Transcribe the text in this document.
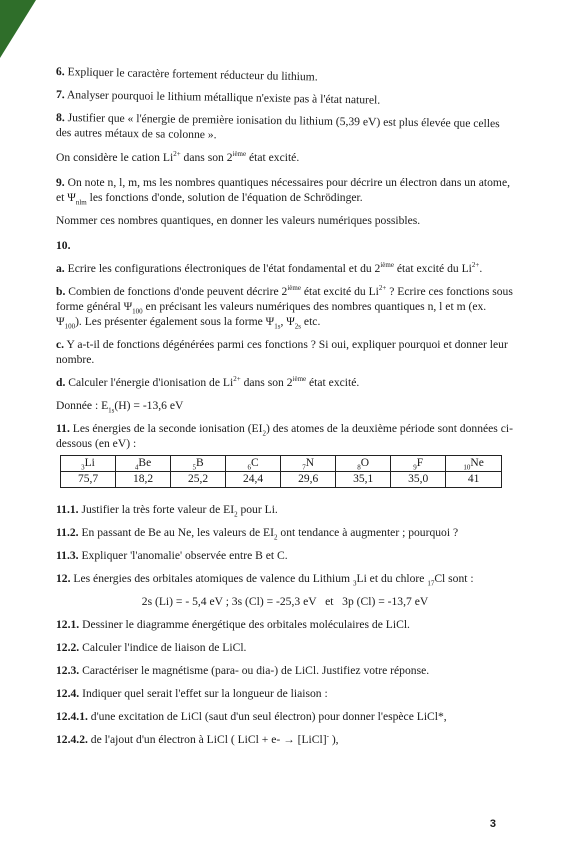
6. Expliquer le caractère fortement réducteur du lithium.

7. Analyser pourquoi le lithium métallique n'existe pas à l'état naturel.

8. Justifier que « l'énergie de première ionisation du lithium (5,39 eV) est plus élevée que celles des autres métaux de sa colonne ».

On considère le cation $Li^{2+}$ dans son 2ième état excité.

9. On note n, l, m, ms les nombres quantiques nécessaires pour décrire un électron dans un atome, et $\Psi_{nlm}$ les fonctions d'onde, solution de l'équation de Schrödinger.

Nommer ces nombres quantiques, en donner les valeurs numériques possibles.

10.

a. Ecrire les configurations électroniques de l'état fondamental et du 2ième état excité du $Li^{2+}$.

b. Combien de fonctions d'onde peuvent décrire 2ième état excité du $Li^{2+}$ ? Ecrire ces fonctions sous forme général $\Psi_{100}$ en précisant les valeurs numériques des nombres quantiques n, l et m (ex. $\Psi_{100}$). Les présenter également sous la forme $\Psi_{1s}$, $\Psi_{2s}$ etc.

c. Y a-t-il de fonctions dégénérées parmi ces fonctions ? Si oui, expliquer pourquoi et donner leur nombre.

d. Calculer l'énergie d'ionisation de $Li^{2+}$ dans son 2ième état excité.

Donnée : $E_{1s}(H) = -13,6$ eV

11. Les énergies de la seconde ionisation $(EI_2)$ des atomes de la deuxième période sont données ci-dessous (en eV) :

$_3$Li	$_4$Be	$_5$B	$_6$C	$_7$N	$_8$O	$_9$F	$_{10}$Ne
75,7	18,2	25,2	24,4	29,6	35,1	35,0	41

11.1. Justifier la très forte valeur de $EI_2$ pour Li.

11.2. En passant de Be au Ne, les valeurs de $EI_2$ ont tendance à augmenter ; pourquoi ?

11.3. Expliquer 'l'anomalie' observée entre B et C.

12. Les énergies des orbitales atomiques de valence du Lithium $_3$Li et du chlore $_{17}$Cl sont :

2s (Li) = - 5,4 eV ; 3s (Cl) = -25,3 eV   et   3p (Cl) = -13,7 eV

12.1. Dessiner le diagramme énergétique des orbitales moléculaires de LiCl.

12.2. Calculer l'indice de liaison de LiCl.

12.3. Caractériser le magnétisme (para- ou dia-) de LiCl. Justifiez votre réponse.

12.4. Indiquer quel serait l'effet sur la longueur de liaison :

12.4.1. d'une excitation de LiCl (saut d'un seul électron) pour donner l'espèce LiCl*,

12.4.2. de l'ajout d'un électron à LiCl ( LiCl + e- → [LiCl]- ),

3
